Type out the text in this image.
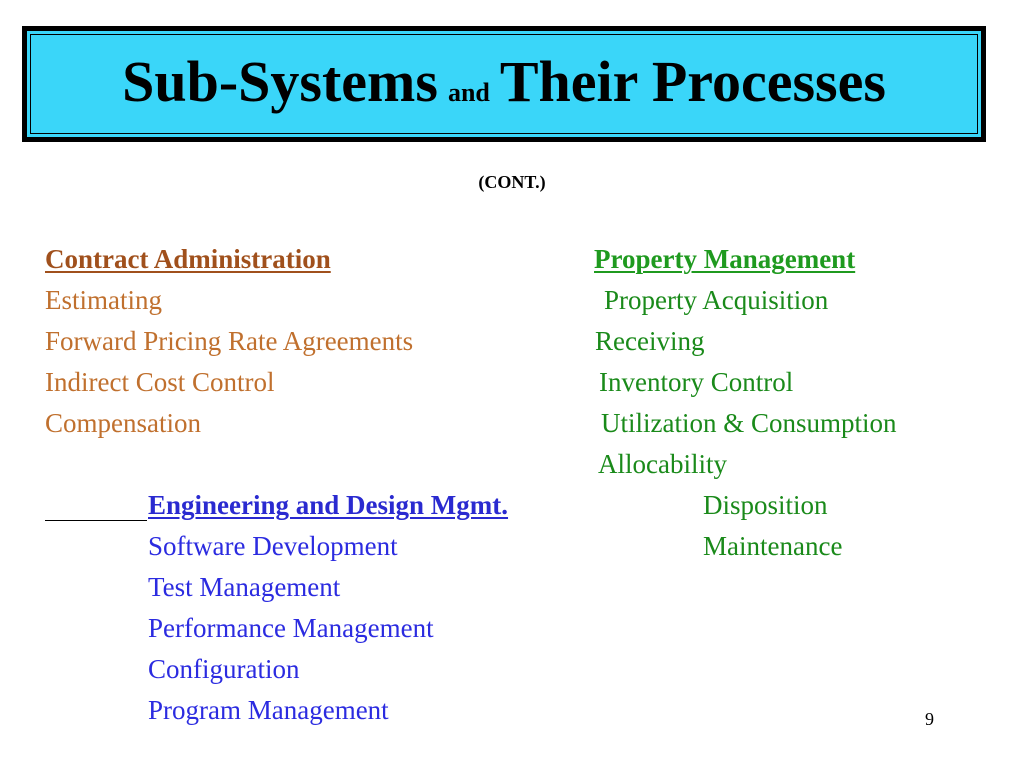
Sub-Systems and Their Processes
(CONT.)
Contract Administration
Estimating
Forward Pricing Rate Agreements
Indirect Cost Control
Compensation
Property Management
Property Acquisition
Receiving
Inventory Control
Utilization & Consumption
Allocability
Disposition
Maintenance
Engineering and Design Mgmt.
Software Development
Test Management
Performance Management
Configuration
Program Management	9
